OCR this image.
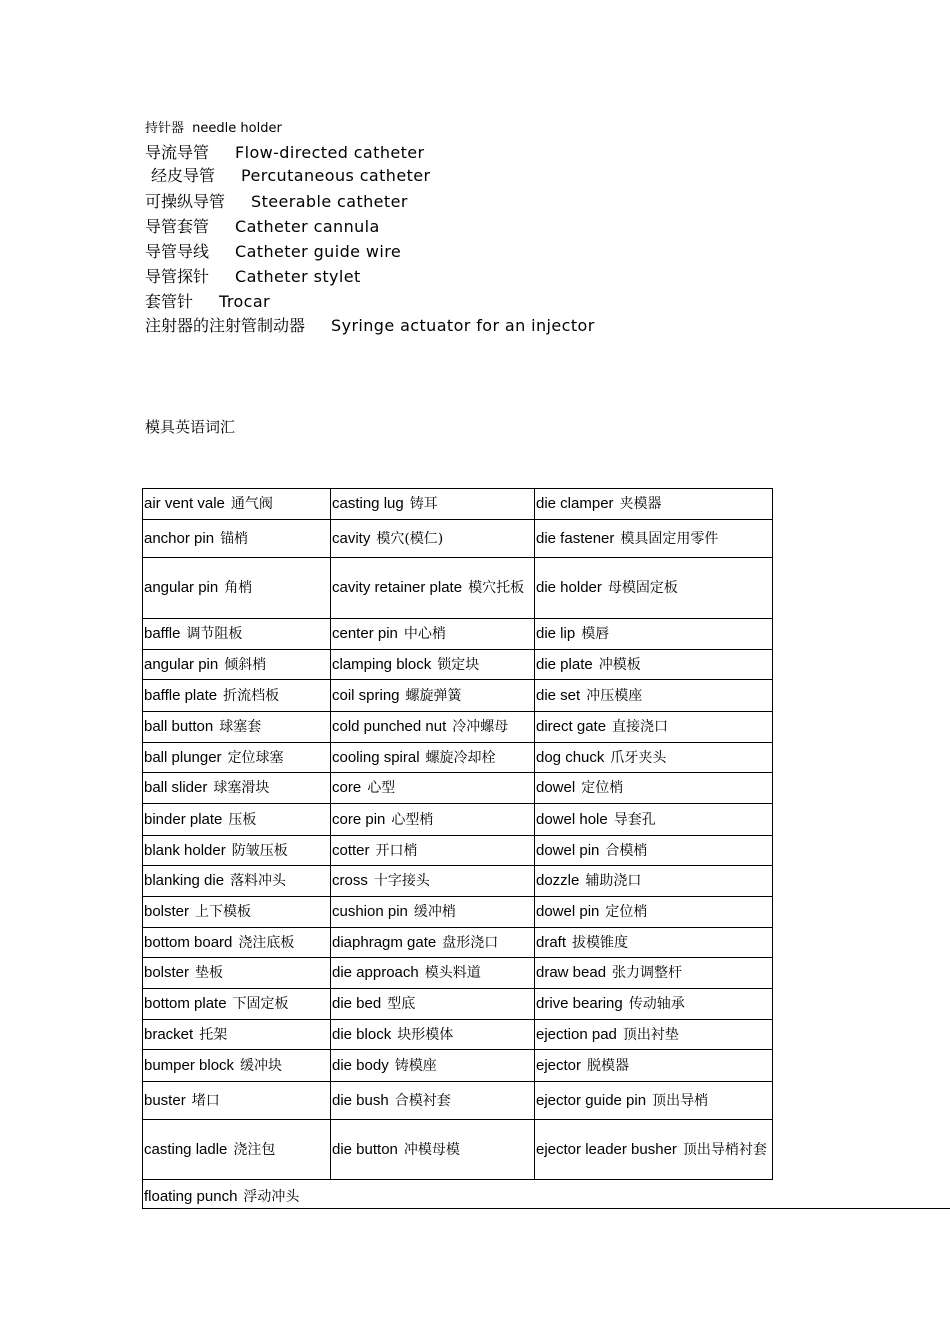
持针器 needle holder
导流导管 Flow-directed catheter
经皮导管 Percutaneous catheter
可操纵导管 Steerable catheter
导管套管 Catheter cannula
导管导线 Catheter guide wire
导管探针 Catheter stylet
套管针 Trocar
注射器的注射管制动器 Syringe actuator for an injector
模具英语词汇
air vent vale 通气阀	casting lug 铸耳	die clamper 夹模器
anchor pin 锚梢	cavity 模穴(模仁)	die fastener 模具固定用零件
angular pin 角梢	cavity retainer plate 模穴托板	die holder 母模固定板
baffle 调节阻板	center pin 中心梢	die lip 模唇
angular pin 倾斜梢	clamping block 锁定块	die plate 冲模板
baffle plate 折流档板	coil spring 螺旋弹簧	die set 冲压模座
ball button 球塞套	cold punched nut 冷冲螺母	direct gate 直接浇口
ball plunger 定位球塞	cooling spiral 螺旋冷却栓	dog chuck 爪牙夹头
ball slider 球塞滑块	core 心型	dowel 定位梢
binder plate 压板	core pin 心型梢	dowel hole 导套孔
blank holder 防皱压板	cotter 开口梢	dowel pin 合模梢
blanking die 落料冲头	cross 十字接头	dozzle 辅助浇口
bolster 上下模板	cushion pin 缓冲梢	dowel pin 定位梢
bottom board 浇注底板	diaphragm gate 盘形浇口	draft 拔模锥度
bolster 垫板	die approach 模头料道	draw bead 张力调整杆
bottom plate 下固定板	die bed 型底	drive bearing 传动轴承
bracket 托架	die block 块形模体	ejection pad 顶出衬垫
bumper block 缓冲块	die body 铸模座	ejector 脱模器
buster 堵口	die bush 合模衬套	ejector guide pin 顶出导梢
casting ladle 浇注包	die button 冲模母模	ejector leader busher 顶出导梢衬套
floating punch 浮动冲头
